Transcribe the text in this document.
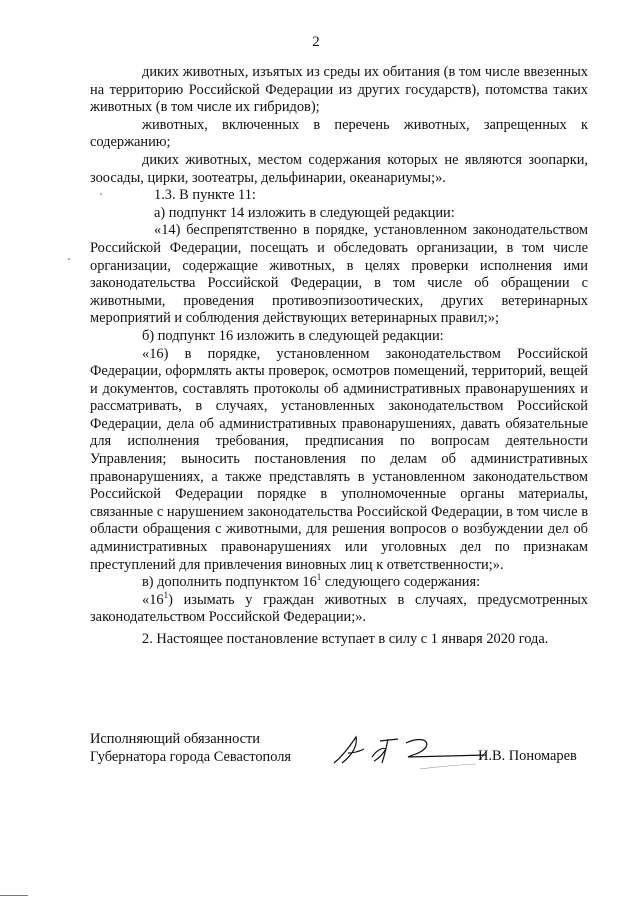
2

диких животных, изъятых из среды их обитания (в том числе ввезенных на территорию Российской Федерации из других государств), потомства таких животных (в том числе их гибридов);

животных, включенных в перечень животных, запрещенных к содержанию;

диких животных, местом содержания которых не являются зоопарки, зоосады, цирки, зоотеатры, дельфинарии, океанариумы;».

1.3. В пункте 11:

а) подпункт 14 изложить в следующей редакции:

«14) беспрепятственно в порядке, установленном законодательством Российской Федерации, посещать и обследовать организации, в том числе организации, содержащие животных, в целях проверки исполнения ими законодательства Российской Федерации, в том числе об обращении с животными, проведения противоэпизоотических, других ветеринарных мероприятий и соблюдения действующих ветеринарных правил;»;

б) подпункт 16 изложить в следующей редакции:

«16) в порядке, установленном законодательством Российской Федерации, оформлять акты проверок, осмотров помещений, территорий, вещей и документов, составлять протоколы об административных правонарушениях и рассматривать, в случаях, установленных законодательством Российской Федерации, дела об административных правонарушениях, давать обязательные для исполнения требования, предписания по вопросам деятельности Управления; выносить постановления по делам об административных правонарушениях, а также представлять в установленном законодательством Российской Федерации порядке в уполномоченные органы материалы, связанные с нарушением законодательства Российской Федерации, в том числе в области обращения с животными, для решения вопросов о возбуждении дел об административных правонарушениях или уголовных дел по признакам преступлений для привлечения виновных лиц к ответственности;».

в) дополнить подпунктом $16^1$ следующего содержания:

«$16^1$) изымать у граждан животных в случаях, предусмотренных законодательством Российской Федерации;».

2. Настоящее постановление вступает в силу с 1 января 2020 года.

Исполняющий обязанности
Губернатора города Севастополя	И.В. Пономарев
